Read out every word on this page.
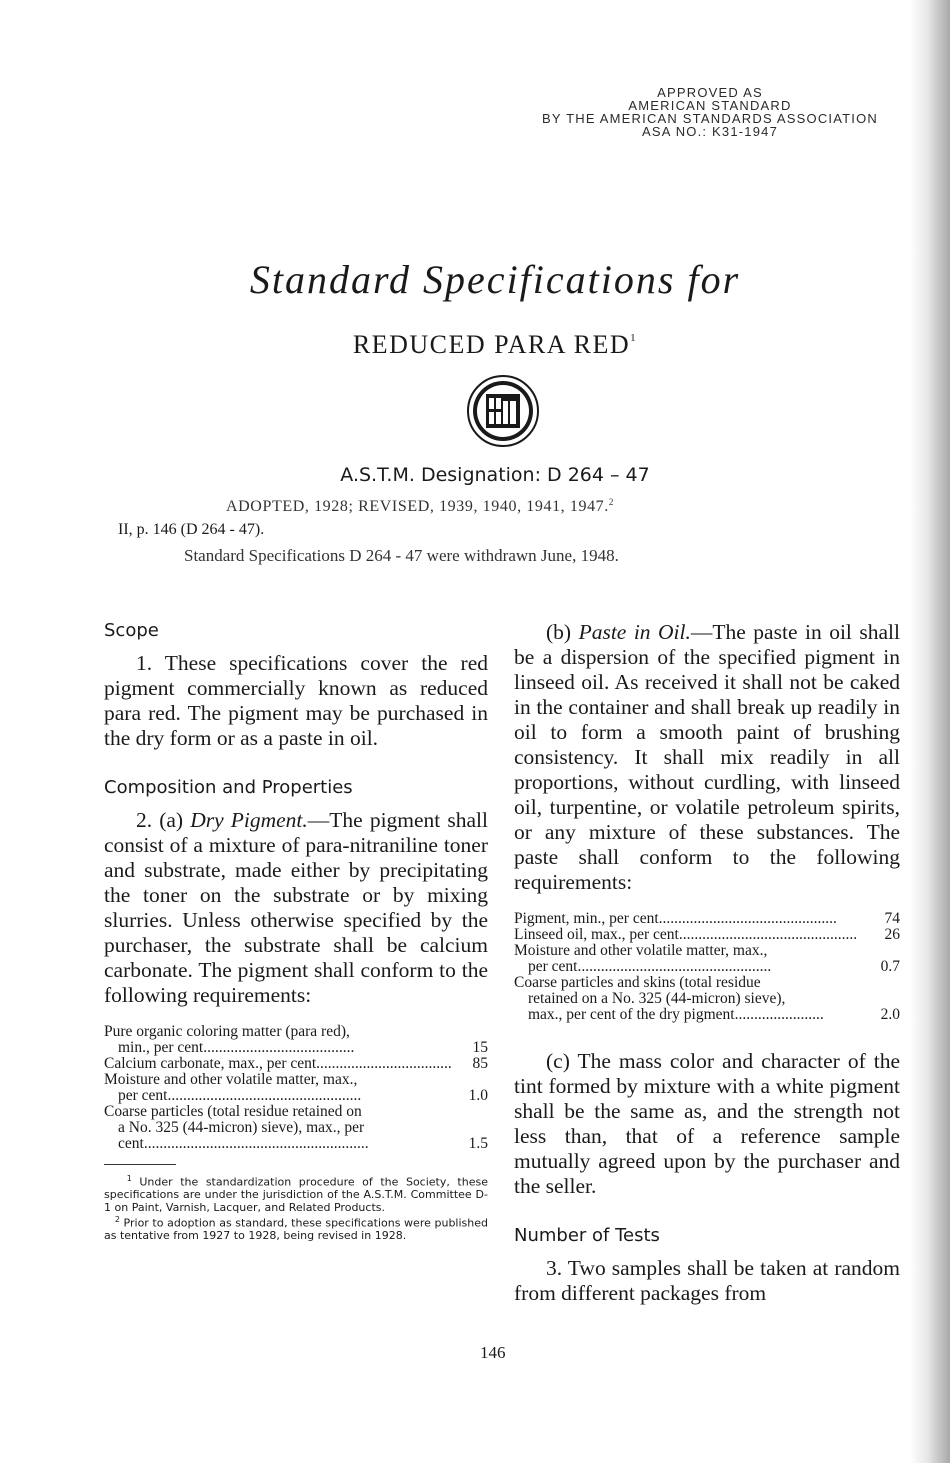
APPROVED AS
AMERICAN STANDARD
BY THE AMERICAN STANDARDS ASSOCIATION
ASA NO.: K31-1947
Standard Specifications for
REDUCED PARA RED$^1$
A.S.T.M. Designation: D 264 – 47
ADOPTED, 1928; REVISED, 1939, 1940, 1941, 1947.$^2$
II, p. 146 (D 264 - 47).
Standard Specifications D 264 - 47 were withdrawn June, 1948.
Scope

1. These specifications cover the red pigment commercially known as reduced para red. The pigment may be purchased in the dry form or as a paste in oil.

Composition and Properties

2. (a) Dry Pigment.—The pigment shall consist of a mixture of para-nitraniline toner and substrate, made either by precipitating the toner on the substrate or by mixing slurries. Unless otherwise specified by the purchaser, the substrate shall be calcium carbonate. The pigment shall conform to the following requirements:

Pure organic coloring matter (para red),
min., per cent.......................................	15
Calcium carbonate, max., per cent...................................	85
Moisture and other volatile matter, max.,
per cent..................................................	1.0
Coarse particles (total residue retained on
a No. 325 (44-micron) sieve), max., per
cent..........................................................	1.5

$^1$ Under the standardization procedure of the Society, these specifications are under the jurisdiction of the A.S.T.M. Committee D-1 on Paint, Varnish, Lacquer, and Related Products.

$^2$ Prior to adoption as standard, these specifications were published as tentative from 1927 to 1928, being revised in 1928.

(b) Paste in Oil.—The paste in oil shall be a dispersion of the specified pigment in linseed oil. As received it shall not be caked in the container and shall break up readily in oil to form a smooth paint of brushing consistency. It shall mix readily in all proportions, without curdling, with linseed oil, turpentine, or volatile petroleum spirits, or any mixture of these substances. The paste shall conform to the following requirements:

Pigment, min., per cent..............................................	74
Linseed oil, max., per cent..............................................	26
Moisture and other volatile matter, max.,
per cent..................................................	0.7
Coarse particles and skins (total residue
retained on a No. 325 (44-micron) sieve),
max., per cent of the dry pigment.......................	2.0

(c) The mass color and character of the tint formed by mixture with a white pigment shall be the same as, and the strength not less than, that of a reference sample mutually agreed upon by the purchaser and the seller.

Number of Tests

3. Two samples shall be taken at random from different packages from

146
